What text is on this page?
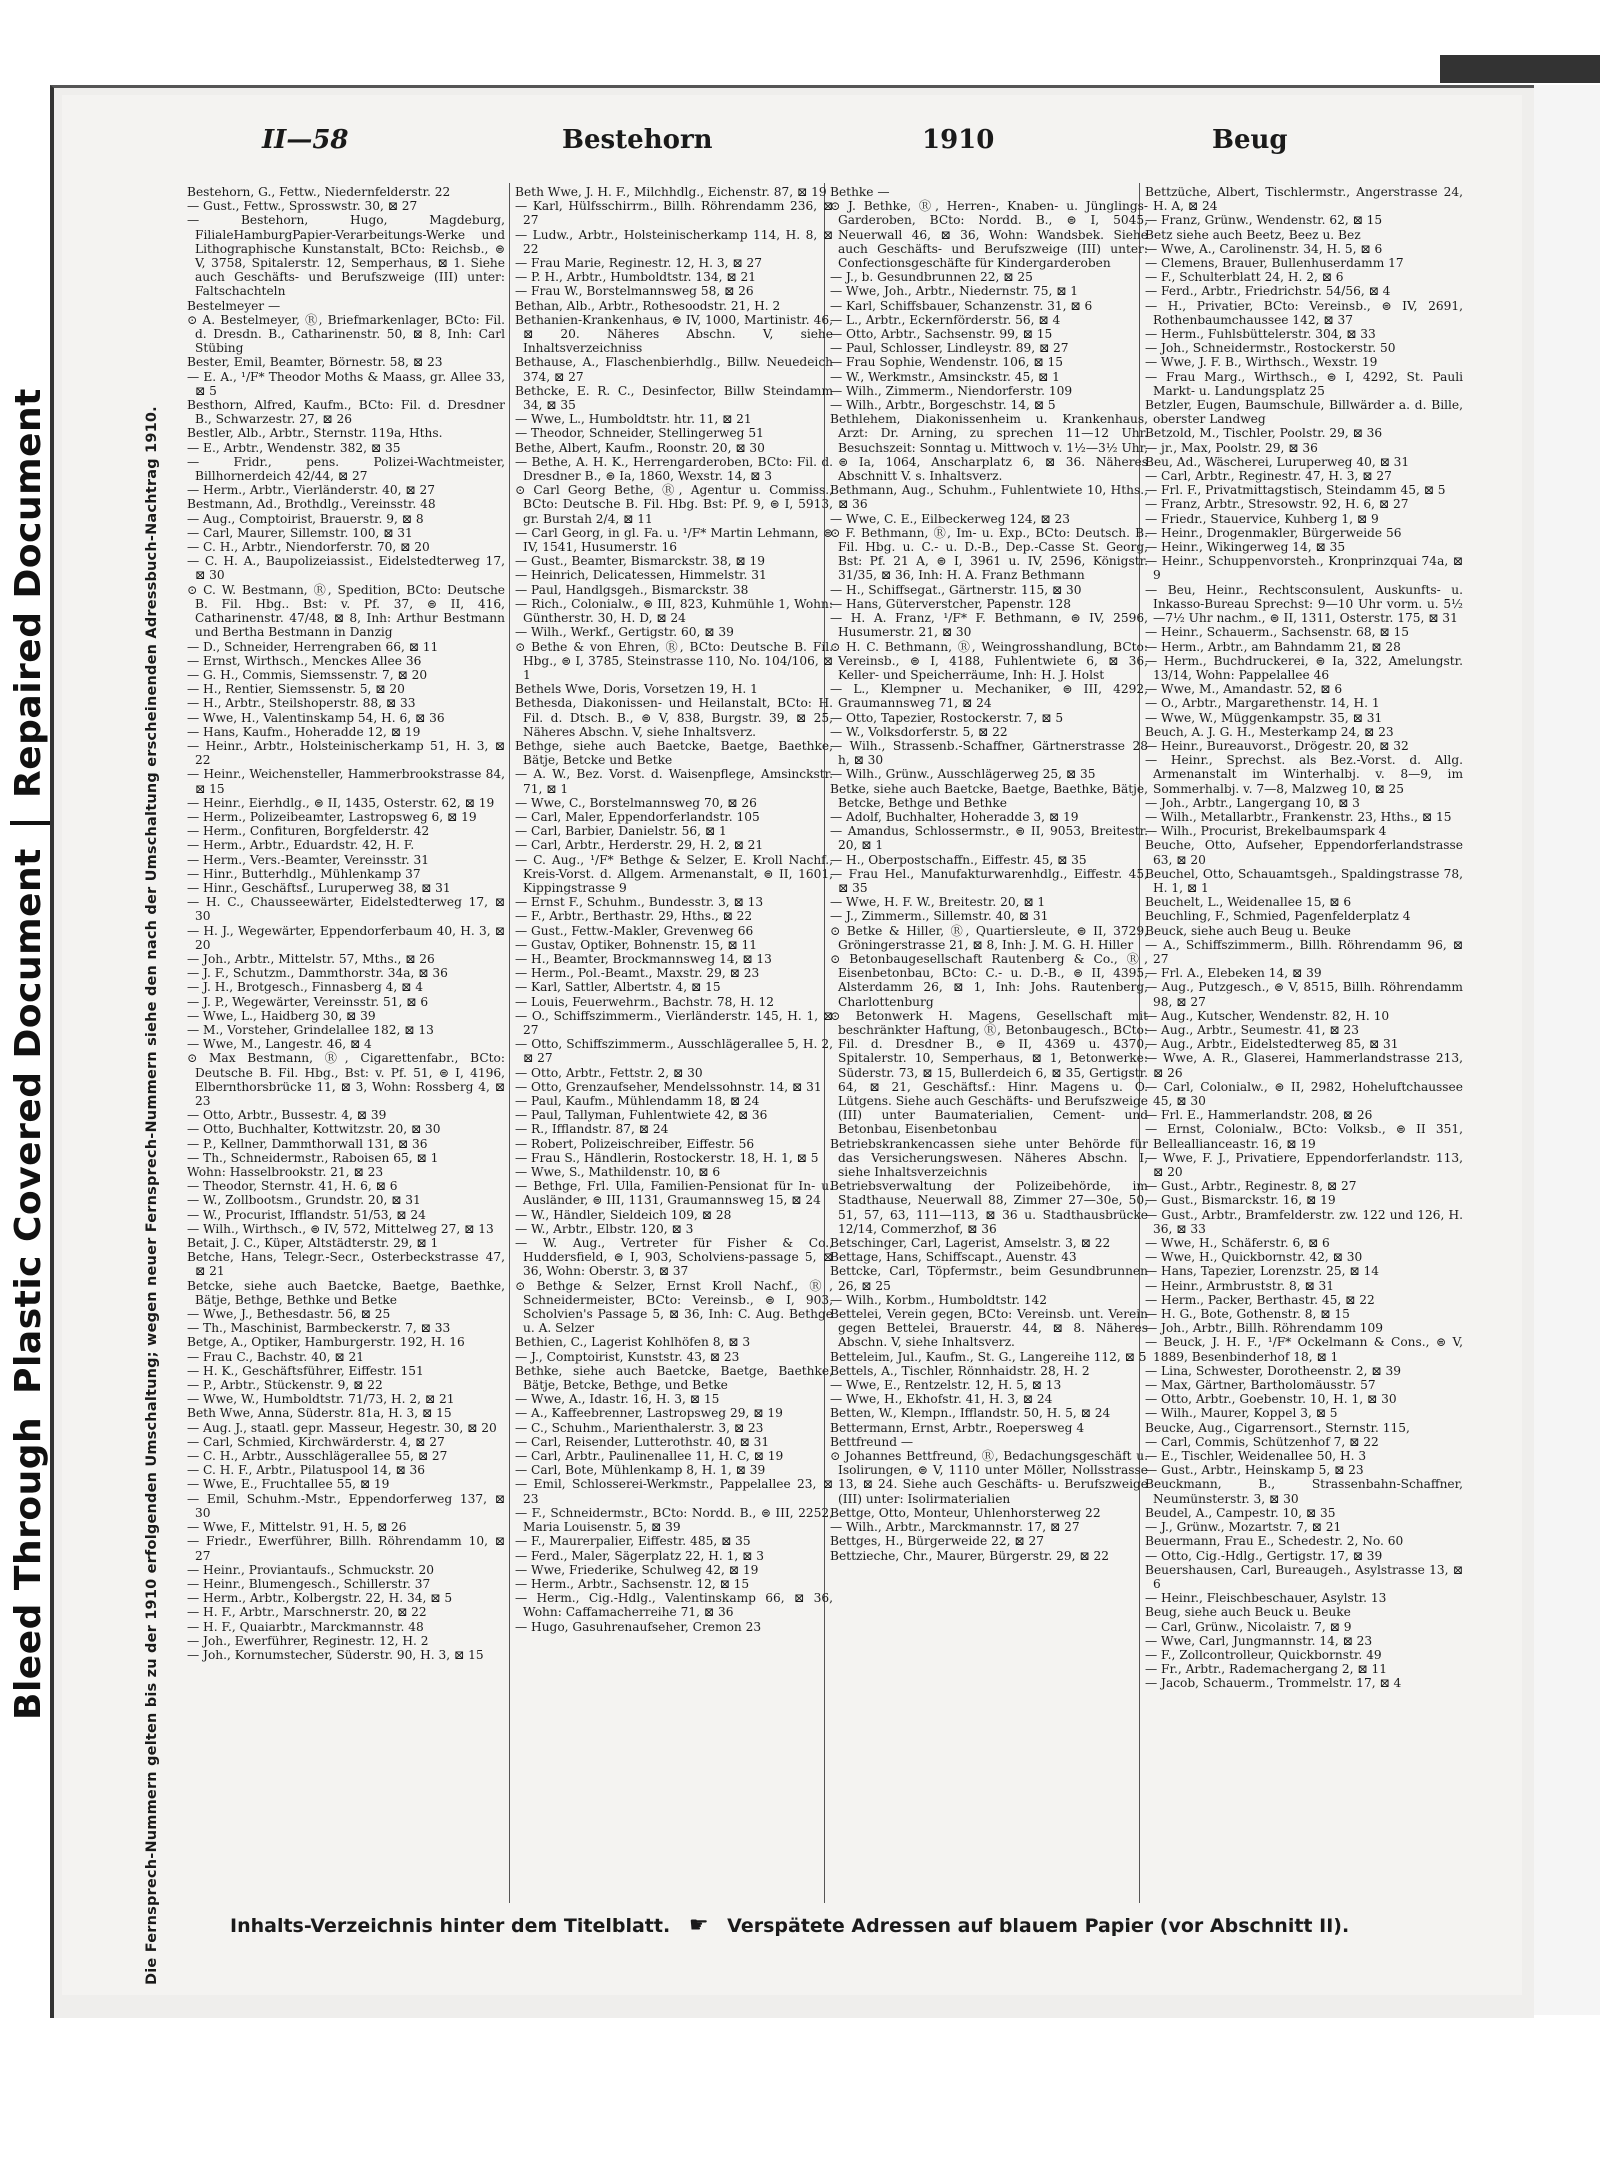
Bleed Through Plastic Covered Document  Repaired Document
II—58	Bestehorn	1910	Beug
Die Fernsprech-Nummern gelten bis zu der 1910 erfolgenden Umschaltung; wegen neuer Fernsprech-Nummern siehe den nach der Umschaltung erscheinenden Adressbuch-Nachtrag 1910.

Bestehorn, G., Fettw., Niedernfelderstr. 22

— Gust., Fettw., Sprosswstr. 30, ⊠ 27

— Bestehorn, Hugo, Magdeburg, FilialeHamburgPapier-Verarbeitungs-Werke und Lithographische Kunstanstalt, BCto: Reichsb., ⊜ V, 3758, Spitalerstr. 12, Semperhaus, ⊠ 1. Siehe auch Geschäfts- und Berufszweige (III) unter: Faltschachteln

Bestelmeyer —

⊙ A. Bestelmeyer, Ⓡ, Briefmarkenlager, BCto: Fil. d. Dresdn. B., Catharinenstr. 50, ⊠ 8, Inh: Carl Stübing

Bester, Emil, Beamter, Börnestr. 58, ⊠ 23

— E. A., ¹/F* Theodor Moths & Maass, gr. Allee 33, ⊠ 5

Besthorn, Alfred, Kaufm., BCto: Fil. d. Dresdner B., Schwarzestr. 27, ⊠ 26

Bestler, Alb., Arbtr., Sternstr. 119a, Hths.

— E., Arbtr., Wendenstr. 382, ⊠ 35

— Fridr., pens. Polizei-Wachtmeister, Billhornerdeich 42/44, ⊠ 27

— Herm., Arbtr., Vierländerstr. 40, ⊠ 27

Bestmann, Ad., Brothdlg., Vereinsstr. 48

— Aug., Comptoirist, Brauerstr. 9, ⊠ 8

— Carl, Maurer, Sillemstr. 100, ⊠ 31

— C. H., Arbtr., Niendorferstr. 70, ⊠ 20

— C. H. A., Baupolizeiassist., Eidelstedterweg 17, ⊠ 30

⊙ C. W. Bestmann, Ⓡ, Spedition, BCto: Deutsche B. Fil. Hbg.. Bst: v. Pf. 37, ⊜ II, 416, Catharinenstr. 47/48, ⊠ 8, Inh: Arthur Bestmann und Bertha Bestmann in Danzig

— D., Schneider, Herrengraben 66, ⊠ 11

— Ernst, Wirthsch., Menckes Allee 36

— G. H., Commis, Siemssenstr. 7, ⊠ 20

— H., Rentier, Siemssenstr. 5, ⊠ 20

— H., Arbtr., Steilshoperstr. 88, ⊠ 33

— Wwe, H., Valentinskamp 54, H. 6, ⊠ 36

— Hans, Kaufm., Hoheradde 12, ⊠ 19

— Heinr., Arbtr., Holsteinischerkamp 51, H. 3, ⊠ 22

— Heinr., Weichensteller, Hammerbrookstrasse 84, ⊠ 15

— Heinr., Eierhdlg., ⊜ II, 1435, Osterstr. 62, ⊠ 19

— Herm., Polizeibeamter, Lastropsweg 6, ⊠ 19

— Herm., Confituren, Borgfelderstr. 42

— Herm., Arbtr., Eduardstr. 42, H. F.

— Herm., Vers.-Beamter, Vereinsstr. 31

— Hinr., Butterhdlg., Mühlenkamp 37

— Hinr., Geschäftsf., Luruperweg 38, ⊠ 31

— H. C., Chausseewärter, Eidelstedterweg 17, ⊠ 30

— H. J., Wegewärter, Eppendorferbaum 40, H. 3, ⊠ 20

— Joh., Arbtr., Mittelstr. 57, Mths., ⊠ 26

— J. F., Schutzm., Dammthorstr. 34a, ⊠ 36

— J. H., Brotgesch., Finnasberg 4, ⊠ 4

— J. P., Wegewärter, Vereinsstr. 51, ⊠ 6

— Wwe, L., Haidberg 30, ⊠ 39

— M., Vorsteher, Grindelallee 182, ⊠ 13

— Wwe, M., Langestr. 46, ⊠ 4

⊙ Max Bestmann, Ⓡ, Cigarettenfabr., BCto: Deutsche B. Fil. Hbg., Bst: v. Pf. 51, ⊜ I, 4196, Elbernthorsbrücke 11, ⊠ 3, Wohn: Rossberg 4, ⊠ 23

— Otto, Arbtr., Bussestr. 4, ⊠ 39

— Otto, Buchhalter, Kottwitzstr. 20, ⊠ 30

— P., Kellner, Dammthorwall 131, ⊠ 36

— Th., Schneidermstr., Raboisen 65, ⊠ 1

Wohn: Hasselbrookstr. 21, ⊠ 23

— Theodor, Sternstr. 41, H. 6, ⊠ 6

— W., Zollbootsm., Grundstr. 20, ⊠ 31

— W., Procurist, Ifflandstr. 51/53, ⊠ 24

— Wilh., Wirthsch., ⊜ IV, 572, Mittelweg 27, ⊠ 13

Betait, J. C., Küper, Altstädterstr. 29, ⊠ 1

Betche, Hans, Telegr.-Secr., Osterbeckstrasse 47, ⊠ 21

Betcke, siehe auch Baetcke, Baetge, Baethke, Bätje, Bethge, Bethke und Betke

— Wwe, J., Bethesdastr. 56, ⊠ 25

— Th., Maschinist, Barmbeckerstr. 7, ⊠ 33

Betge, A., Optiker, Hamburgerstr. 192, H. 16

— Frau C., Bachstr. 40, ⊠ 21

— H. K., Geschäftsführer, Eiffestr. 151

— P., Arbtr., Stückenstr. 9, ⊠ 22

— Wwe, W., Humboldtstr. 71/73, H. 2, ⊠ 21

Beth Wwe, Anna, Süderstr. 81a, H. 3, ⊠ 15

— Aug. J., staatl. gepr. Masseur, Hegestr. 30, ⊠ 20

— Carl, Schmied, Kirchwärderstr. 4, ⊠ 27

— C. H., Arbtr., Ausschlägerallee 55, ⊠ 27

— C. H. F., Arbtr., Pilatuspool 14, ⊠ 36

— Wwe, E., Fruchtallee 55, ⊠ 19

— Emil, Schuhm.-Mstr., Eppendorferweg 137, ⊠ 30

— Wwe, F., Mittelstr. 91, H. 5, ⊠ 26

— Friedr., Ewerführer, Billh. Röhrendamm 10, ⊠ 27

— Heinr., Proviantaufs., Schmuckstr. 20

— Heinr., Blumengesch., Schillerstr. 37

— Herm., Arbtr., Kolbergstr. 22, H. 34, ⊠ 5

— H. F., Arbtr., Marschnerstr. 20, ⊠ 22

— H. F., Quaiarbtr., Marckmannstr. 48

— Joh., Ewerführer, Reginestr. 12, H. 2

— Joh., Kornumstecher, Süderstr. 90, H. 3, ⊠ 15

Beth Wwe, J. H. F., Milchhdlg., Eichenstr. 87, ⊠ 19

— Karl, Hülfsschirrm., Billh. Röhrendamm 236, ⊠ 27

— Ludw., Arbtr., Holsteinischerkamp 114, H. 8, ⊠ 22

— Frau Marie, Reginestr. 12, H. 3, ⊠ 27

— P. H., Arbtr., Humboldtstr. 134, ⊠ 21

— Frau W., Borstelmannsweg 58, ⊠ 26

Bethan, Alb., Arbtr., Rothesoodstr. 21, H. 2

Bethanien-Krankenhaus, ⊜ IV, 1000, Martinistr. 46, ⊠ 20. Näheres Abschn. V, siehe Inhaltsverzeichniss

Bethause, A., Flaschenbierhdlg., Billw. Neuedeich 374, ⊠ 27

Bethcke, E. R. C., Desinfector, Billw Steindamm 34, ⊠ 35

— Wwe, L., Humboldtstr. htr. 11, ⊠ 21

— Theodor, Schneider, Stellingerweg 51

Bethe, Albert, Kaufm., Roonstr. 20, ⊠ 30

— Bethe, A. H. K., Herrengarderoben, BCto: Fil. d. Dresdner B., ⊜ Ia, 1860, Wexstr. 14, ⊠ 3

⊙ Carl Georg Bethe, Ⓡ, Agentur u. Commiss., BCto: Deutsche B. Fil. Hbg. Bst: Pf. 9, ⊜ I, 5913, gr. Burstah 2/4, ⊠ 11

— Carl Georg, in gl. Fa. u. ¹/F* Martin Lehmann, ⊜ IV, 1541, Husumerstr. 16

— Gust., Beamter, Bismarckstr. 38, ⊠ 19

— Heinrich, Delicatessen, Himmelstr. 31

— Paul, Handlgsgeh., Bismarckstr. 38

— Rich., Colonialw., ⊜ III, 823, Kuhmühle 1, Wohn: Güntherstr. 30, H. D, ⊠ 24

— Wilh., Werkf., Gertigstr. 60, ⊠ 39

⊙ Bethe & von Ehren, Ⓡ, BCto: Deutsche B. Fil. Hbg., ⊜ I, 3785, Steinstrasse 110, No. 104/106, ⊠ 1

Bethels Wwe, Doris, Vorsetzen 19, H. 1

Bethesda, Diakonissen- und Heilanstalt, BCto: H. Fil. d. Dtsch. B., ⊜ V, 838, Burgstr. 39, ⊠ 25, Näheres Abschn. V, siehe Inhaltsverz.

Bethge, siehe auch Baetcke, Baetge, Baethke, Bätje, Betcke und Betke

— A. W., Bez. Vorst. d. Waisenpflege, Amsinckstr. 71, ⊠ 1

— Wwe, C., Borstelmannsweg 70, ⊠ 26

— Carl, Maler, Eppendorferlandstr. 105

— Carl, Barbier, Danielstr. 56, ⊠ 1

— Carl, Arbtr., Herderstr. 29, H. 2, ⊠ 21

— C. Aug., ¹/F* Bethge & Selzer, E. Kroll Nachf., Kreis-Vorst. d. Allgem. Armenanstalt, ⊜ II, 1601, Kippingstrasse 9

— Ernst F., Schuhm., Bundesstr. 3, ⊠ 13

— F., Arbtr., Berthastr. 29, Hths., ⊠ 22

— Gust., Fettw.-Makler, Grevenweg 66

— Gustav, Optiker, Bohnenstr. 15, ⊠ 11

— H., Beamter, Brockmannsweg 14, ⊠ 13

— Herm., Pol.-Beamt., Maxstr. 29, ⊠ 23

— Karl, Sattler, Albertstr. 4, ⊠ 15

— Louis, Feuerwehrm., Bachstr. 78, H. 12

— O., Schiffszimmerm., Vierländerstr. 145, H. 1, ⊠ 27

— Otto, Schiffszimmerm., Ausschlägerallee 5, H. 2, ⊠ 27

— Otto, Arbtr., Fettstr. 2, ⊠ 30

— Otto, Grenzaufseher, Mendelssohnstr. 14, ⊠ 31

— Paul, Kaufm., Mühlendamm 18, ⊠ 24

— Paul, Tallyman, Fuhlentwiete 42, ⊠ 36

— R., Ifflandstr. 87, ⊠ 24

— Robert, Polizeischreiber, Eiffestr. 56

— Frau S., Händlerin, Rostockerstr. 18, H. 1, ⊠ 5

— Wwe, S., Mathildenstr. 10, ⊠ 6

— Bethge, Frl. Ulla, Familien-Pensionat für In- u. Ausländer, ⊜ III, 1131, Graumannsweg 15, ⊠ 24

— W., Händler, Sieldeich 109, ⊠ 28

— W., Arbtr., Elbstr. 120, ⊠ 3

— W. Aug., Vertreter für Fisher & Co., Huddersfield, ⊜ I, 903, Scholviens-passage 5, ⊠ 36, Wohn: Oberstr. 3, ⊠ 37

⊙ Bethge & Selzer, Ernst Kroll Nachf., Ⓡ, Schneidermeister, BCto: Vereinsb., ⊜ I, 903, Scholvien's Passage 5, ⊠ 36, Inh: C. Aug. Bethge u. A. Selzer

Bethien, C., Lagerist Kohlhöfen 8, ⊠ 3

— J., Comptoirist, Kunststr. 43, ⊠ 23

Bethke, siehe auch Baetcke, Baetge, Baethke, Bätje, Betcke, Bethge, und Betke

— Wwe, A., Idastr. 16, H. 3, ⊠ 15

— A., Kaffeebrenner, Lastropsweg 29, ⊠ 19

— C., Schuhm., Marienthalerstr. 3, ⊠ 23

— Carl, Reisender, Lutterothstr. 40, ⊠ 31

— Carl, Arbtr., Paulinenallee 11, H. C, ⊠ 19

— Carl, Bote, Mühlenkamp 8, H. 1, ⊠ 39

— Emil, Schlosserei-Werkmstr., Pappelallee 23, ⊠ 23

— F., Schneidermstr., BCto: Nordd. B., ⊜ III, 2252, Maria Louisenstr. 5, ⊠ 39

— F., Maurerpalier, Eiffestr. 485, ⊠ 35

— Ferd., Maler, Sägerplatz 22, H. 1, ⊠ 3

— Wwe, Friederike, Schulweg 42, ⊠ 19

— Herm., Arbtr., Sachsenstr. 12, ⊠ 15

— Herm., Cig.-Hdlg., Valentinskamp 66, ⊠ 36, Wohn: Caffamacherreihe 71, ⊠ 36

— Hugo, Gasuhrenaufseher, Cremon 23

Bethke —

⊙ J. Bethke, Ⓡ, Herren-, Knaben- u. Jünglings-Garderoben, BCto: Nordd. B., ⊜ I, 5045, Neuerwall 46, ⊠ 36, Wohn: Wandsbek. Siehe auch Geschäfts- und Berufszweige (III) unter: Confectionsgeschäfte für Kindergarderoben

— J., b. Gesundbrunnen 22, ⊠ 25

— Wwe, Joh., Arbtr., Niedernstr. 75, ⊠ 1

— Karl, Schiffsbauer, Schanzenstr. 31, ⊠ 6

— L., Arbtr., Eckernförderstr. 56, ⊠ 4

— Otto, Arbtr., Sachsenstr. 99, ⊠ 15

— Paul, Schlosser, Lindleystr. 89, ⊠ 27

— Frau Sophie, Wendenstr. 106, ⊠ 15

— W., Werkmstr., Amsinckstr. 45, ⊠ 1

— Wilh., Zimmerm., Niendorferstr. 109

— Wilh., Arbtr., Borgeschstr. 14, ⊠ 5

Bethlehem, Diakonissenheim u. Krankenhaus, Arzt: Dr. Arning, zu sprechen 11—12 Uhr. Besuchszeit: Sonntag u. Mittwoch v. 1½—3½ Uhr, ⊜ Ia, 1064, Anscharplatz 6, ⊠ 36. Näheres Abschnitt V. s. Inhaltsverz.

Bethmann, Aug., Schuhm., Fuhlentwiete 10, Hths., ⊠ 36

— Wwe, C. E., Eilbeckerweg 124, ⊠ 23

⊙ F. Bethmann, Ⓡ, Im- u. Exp., BCto: Deutsch. B. Fil. Hbg. u. C.- u. D.-B., Dep.-Casse St. Georg, Bst: Pf. 21 A, ⊜ I, 3961 u. IV, 2596, Königstr. 31/35, ⊠ 36, Inh: H. A. Franz Bethmann

— H., Schiffsegat., Gärtnerstr. 115, ⊠ 30

— Hans, Güterverstcher, Papenstr. 128

— H. A. Franz, ¹/F* F. Bethmann, ⊜ IV, 2596, Husumerstr. 21, ⊠ 30

⊙ H. C. Bethmann, Ⓡ, Weingrosshandlung, BCto: Vereinsb., ⊜ I, 4188, Fuhlentwiete 6, ⊠ 36, Keller- und Speicherräume, Inh: H. J. Holst

— L., Klempner u. Mechaniker, ⊜ III, 4292, Graumannsweg 71, ⊠ 24

— Otto, Tapezier, Rostockerstr. 7, ⊠ 5

— W., Volksdorferstr. 5, ⊠ 22

— Wilh., Strassenb.-Schaffner, Gärtnerstrasse 28 h, ⊠ 30

— Wilh., Grünw., Ausschlägerweg 25, ⊠ 35

Betke, siehe auch Baetcke, Baetge, Baethke, Bätje, Betcke, Bethge und Bethke

— Adolf, Buchhalter, Hoheradde 3, ⊠ 19

— Amandus, Schlossermstr., ⊜ II, 9053, Breitestr. 20, ⊠ 1

— H., Oberpostschaffn., Eiffestr. 45, ⊠ 35

— Frau Hel., Manufakturwarenhdlg., Eiffestr. 45, ⊠ 35

— Wwe, H. F. W., Breitestr. 20, ⊠ 1

— J., Zimmerm., Sillemstr. 40, ⊠ 31

⊙ Betke & Hiller, Ⓡ, Quartiersleute, ⊜ II, 3729, Gröningerstrasse 21, ⊠ 8, Inh: J. M. G. H. Hiller

⊙ Betonbaugesellschaft Rautenberg & Co., Ⓡ, Eisenbetonbau, BCto: C.- u. D.-B., ⊜ II, 4395, Alsterdamm 26, ⊠ 1, Inh: Johs. Rautenberg, Charlottenburg

⊙ Betonwerk H. Magens, Gesellschaft mit beschränkter Haftung, Ⓡ, Betonbaugesch., BCto: Fil. d. Dresdner B., ⊜ II, 4369 u. 4370, Spitalerstr. 10, Semperhaus, ⊠ 1, Betonwerke: Süderstr. 73, ⊠ 15, Bullerdeich 6, ⊠ 35, Gertigstr. 64, ⊠ 21, Geschäftsf.: Hinr. Magens u. O. Lütgens. Siehe auch Geschäfts- und Berufszweige (III) unter Baumaterialien, Cement- und Betonbau, Eisenbetonbau

Betriebskrankencassen siehe unter Behörde für das Versicherungswesen. Näheres Abschn. I, siehe Inhaltsverzeichnis

Betriebsverwaltung der Polizeibehörde, im Stadthause, Neuerwall 88, Zimmer 27—30e, 50, 51, 57, 63, 111—113, ⊠ 36 u. Stadthausbrücke 12/14, Commerzhof, ⊠ 36

Betschinger, Carl, Lagerist, Amselstr. 3, ⊠ 22

Bettage, Hans, Schiffscapt., Auenstr. 43

Bettcke, Carl, Töpfermstr., beim Gesundbrunnen 26, ⊠ 25

— Wilh., Korbm., Humboldtstr. 142

Bettelei, Verein gegen, BCto: Vereinsb. unt. Verein gegen Bettelei, Brauerstr. 44, ⊠ 8. Näheres Abschn. V, siehe Inhaltsverz.

Betteleim, Jul., Kaufm., St. G., Langereihe 112, ⊠ 5

Bettels, A., Tischler, Rönnhaidstr. 28, H. 2

— Wwe, E., Rentzelstr. 12, H. 5, ⊠ 13

— Wwe, H., Ekhofstr. 41, H. 3, ⊠ 24

Betten, W., Klempn., Ifflandstr. 50, H. 5, ⊠ 24

Bettermann, Ernst, Arbtr., Roepersweg 4

Bettfreund —

⊙ Johannes Bettfreund, Ⓡ, Bedachungsgeschäft u. Isolirungen, ⊜ V, 1110 unter Möller, Nollsstrasse 13, ⊠ 24. Siehe auch Geschäfts- u. Berufszweige (III) unter: Isolirmaterialien

Bettge, Otto, Monteur, Uhlenhorsterweg 22

— Wilh., Arbtr., Marckmannstr. 17, ⊠ 27

Bettges, H., Bürgerweide 22, ⊠ 27

Bettzieche, Chr., Maurer, Bürgerstr. 29, ⊠ 22

Bettzüche, Albert, Tischlermstr., Angerstrasse 24, H. A, ⊠ 24

— Franz, Grünw., Wendenstr. 62, ⊠ 15

Betz siehe auch Beetz, Beez u. Bez

— Wwe, A., Carolinenstr. 34, H. 5, ⊠ 6

— Clemens, Brauer, Bullenhuserdamm 17

— F., Schulterblatt 24, H. 2, ⊠ 6

— Ferd., Arbtr., Friedrichstr. 54/56, ⊠ 4

— H., Privatier, BCto: Vereinsb., ⊜ IV, 2691, Rothenbaumchaussee 142, ⊠ 37

— Herm., Fuhlsbüttelerstr. 304, ⊠ 33

— Joh., Schneidermstr., Rostockerstr. 50

— Wwe, J. F. B., Wirthsch., Wexstr. 19

— Frau Marg., Wirthsch., ⊜ I, 4292, St. Pauli Markt- u. Landungsplatz 25

Betzler, Eugen, Baumschule, Billwärder a. d. Bille, oberster Landweg

Betzold, M., Tischler, Poolstr. 29, ⊠ 36

— jr., Max, Poolstr. 29, ⊠ 36

Beu, Ad., Wäscherei, Luruperweg 40, ⊠ 31

— Carl, Arbtr., Reginestr. 47, H. 3, ⊠ 27

— Frl. F., Privatmittagstisch, Steindamm 45, ⊠ 5

— Franz, Arbtr., Stresowstr. 92, H. 6, ⊠ 27

— Friedr., Stauervice, Kuhberg 1, ⊠ 9

— Heinr., Drogenmakler, Bürgerweide 56

— Heinr., Wikingerweg 14, ⊠ 35

— Heinr., Schuppenvorsteh., Kronprinzquai 74a, ⊠ 9

— Beu, Heinr., Rechtsconsulent, Auskunfts- u. Inkasso-Bureau Sprechst: 9—10 Uhr vorm. u. 5½—7½ Uhr nachm., ⊜ II, 1311, Osterstr. 175, ⊠ 31

— Heinr., Schauerm., Sachsenstr. 68, ⊠ 15

— Herm., Arbtr., am Bahndamm 21, ⊠ 28

— Herm., Buchdruckerei, ⊜ Ia, 322, Amelungstr. 13/14, Wohn: Pappelallee 46

— Wwe, M., Amandastr. 52, ⊠ 6

— O., Arbtr., Margarethenstr. 14, H. 1

— Wwe, W., Müggenkampstr. 35, ⊠ 31

Beuch, A. J. G. H., Mesterkamp 24, ⊠ 23

— Heinr., Bureauvorst., Drögestr. 20, ⊠ 32

— Heinr., Sprechst. als Bez.-Vorst. d. Allg. Armenanstalt im Winterhalbj. v. 8—9, im Sommerhalbj. v. 7—8, Malzweg 10, ⊠ 25

— Joh., Arbtr., Langergang 10, ⊠ 3

— Wilh., Metallarbtr., Frankenstr. 23, Hths., ⊠ 15

— Wilh., Procurist, Brekelbaumspark 4

Beuche, Otto, Aufseher, Eppendorferlandstrasse 63, ⊠ 20

Beuchel, Otto, Schauamtsgeh., Spaldingstrasse 78, H. 1, ⊠ 1

Beuchelt, L., Weidenallee 15, ⊠ 6

Beuchling, F., Schmied, Pagenfelderplatz 4

Beuck, siehe auch Beug u. Beuke

— A., Schiffszimmerm., Billh. Röhrendamm 96, ⊠ 27

— Frl. A., Elebeken 14, ⊠ 39

— Aug., Putzgesch., ⊜ V, 8515, Billh. Röhrendamm 98, ⊠ 27

— Aug., Kutscher, Wendenstr. 82, H. 10

— Aug., Arbtr., Seumestr. 41, ⊠ 23

— Aug., Arbtr., Eidelstedterweg 85, ⊠ 31

— Wwe, A. R., Glaserei, Hammerlandstrasse 213, ⊠ 26

— Carl, Colonialw., ⊜ II, 2982, Hoheluftchaussee 45, ⊠ 30

— Frl. E., Hammerlandstr. 208, ⊠ 26

— Ernst, Colonialw., BCto: Volksb., ⊜ II 351, Belleallianceastr. 16, ⊠ 19

— Wwe, F. J., Privatiere, Eppendorferlandstr. 113, ⊠ 20

— Gust., Arbtr., Reginestr. 8, ⊠ 27

— Gust., Bismarckstr. 16, ⊠ 19

— Gust., Arbtr., Bramfelderstr. zw. 122 und 126, H. 36, ⊠ 33

— Wwe, H., Schäferstr. 6, ⊠ 6

— Wwe, H., Quickbornstr. 42, ⊠ 30

— Hans, Tapezier, Lorenzstr. 25, ⊠ 14

— Heinr., Armbruststr. 8, ⊠ 31

— Herm., Packer, Berthastr. 45, ⊠ 22

— H. G., Bote, Gothenstr. 8, ⊠ 15

— Joh., Arbtr., Billh. Röhrendamm 109

— Beuck, J. H. F., ¹/F* Ockelmann & Cons., ⊜ V, 1889, Besenbinderhof 18, ⊠ 1

— Lina, Schwester, Dorotheenstr. 2, ⊠ 39

— Max, Gärtner, Bartholomäusstr. 57

— Otto, Arbtr., Goebenstr. 10, H. 1, ⊠ 30

— Wilh., Maurer, Koppel 3, ⊠ 5

Beucke, Aug., Cigarrensort., Sternstr. 115,

— Carl, Commis, Schützenhof 7, ⊠ 22

— E., Tischler, Weidenallee 50, H. 3

— Gust., Arbtr., Heinskamp 5, ⊠ 23

Beuckmann, B., Strassenbahn-Schaffner, Neumünsterstr. 3, ⊠ 30

Beudel, A., Campestr. 10, ⊠ 35

— J., Grünw., Mozartstr. 7, ⊠ 21

Beuermann, Frau E., Schedestr. 2, No. 60

— Otto, Cig.-Hdlg., Gertigstr. 17, ⊠ 39

Beuershausen, Carl, Bureaugeh., Asylstrasse 13, ⊠ 6

— Heinr., Fleischbeschauer, Asylstr. 13

Beug, siehe auch Beuck u. Beuke

— Carl, Grünw., Nicolaistr. 7, ⊠ 9

— Wwe, Carl, Jungmannstr. 14, ⊠ 23

— F., Zollcontrolleur, Quickbornstr. 49

— Fr., Arbtr., Rademachergang 2, ⊠ 11

— Jacob, Schauerm., Trommelstr. 17, ⊠ 4

Inhalts-Verzeichnis hinter dem Titelblatt. ☛ Verspätete Adressen auf blauem Papier (vor Abschnitt II).
